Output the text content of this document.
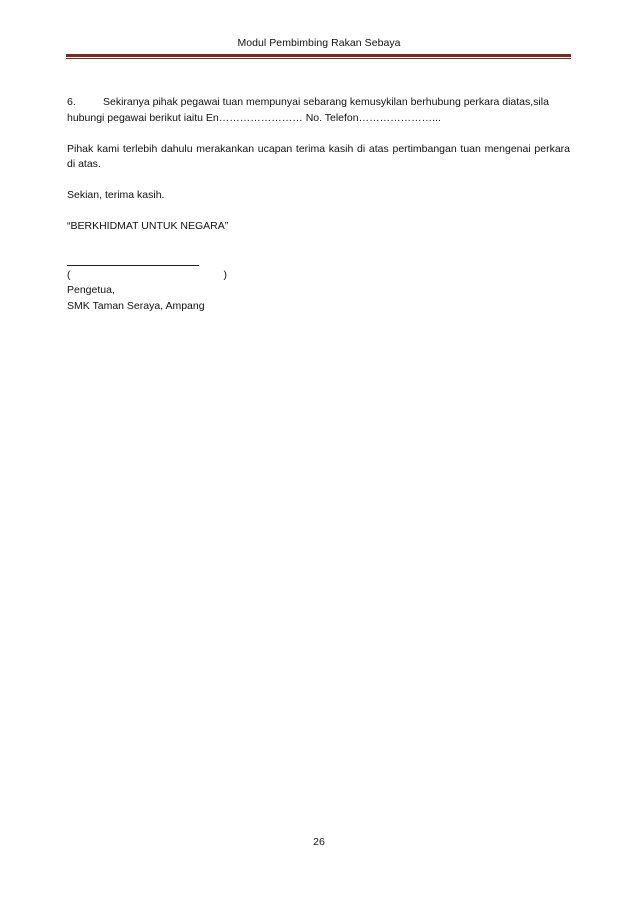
Modul Pembimbing Rakan Sebaya

6.	Sekiranya pihak pegawai tuan mempunyai sebarang kemusykilan berhubung perkara diatas,sila
hubungi pegawai berikut iaitu En…………………… No. Telefon…………………...

Pihak kami terlebih dahulu merakankan ucapan terima kasih di atas pertimbangan tuan mengenai perkara di atas.

Sekian, terima kasih.

“BERKHIDMAT UNTUK NEGARA”

(	)
Pengetua,
SMK Taman Seraya, Ampang
26
